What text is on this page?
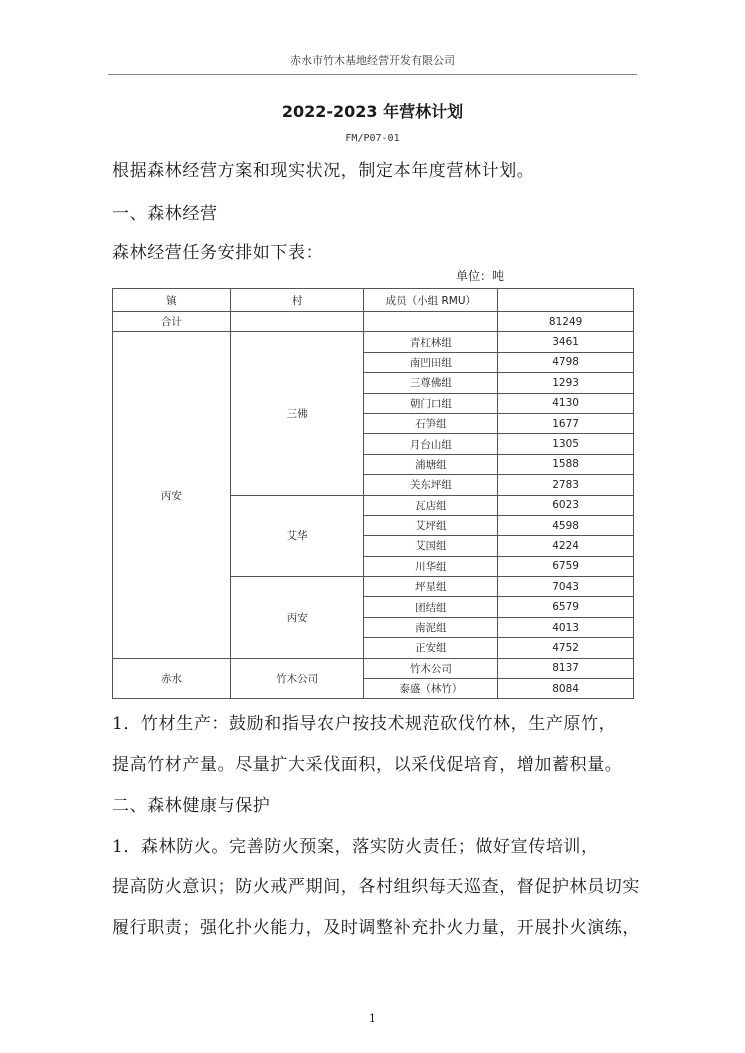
赤水市竹木基地经营开发有限公司
2022-2023 年营林计划
FM/P07-01
根据森林经营方案和现实状况，制定本年度营林计划。
一、森林经营
森林经营任务安排如下表：
单位：吨
镇	村	成员（小组 RMU）	
合计			81249
丙安	三佛	青杠林组	3461
		南凹田组	4798
		三尊佛组	1293
		朝门口组	4130
		石笋组	1677
		月台山组	1305
		浦塘组	1588
		关东坪组	2783
	艾华	瓦店组	6023
		艾坪组	4598
		艾国组	4224
		川华组	6759
	丙安	坪星组	7043
		团结组	6579
		南泥组	4013
		正安组	4752
赤水	竹木公司	竹木公司	8137
		泰盛（林竹）	8084
1．竹材生产：鼓励和指导农户按技术规范砍伐竹林，生产原竹，
提高竹材产量。尽量扩大采伐面积，以采伐促培育，增加蓄积量。
二、森林健康与保护
1．森林防火。完善防火预案，落实防火责任；做好宣传培训，
提高防火意识；防火戒严期间，各村组织每天巡查，督促护林员切实
履行职责；强化扑火能力，及时调整补充扑火力量，开展扑火演练，
1
